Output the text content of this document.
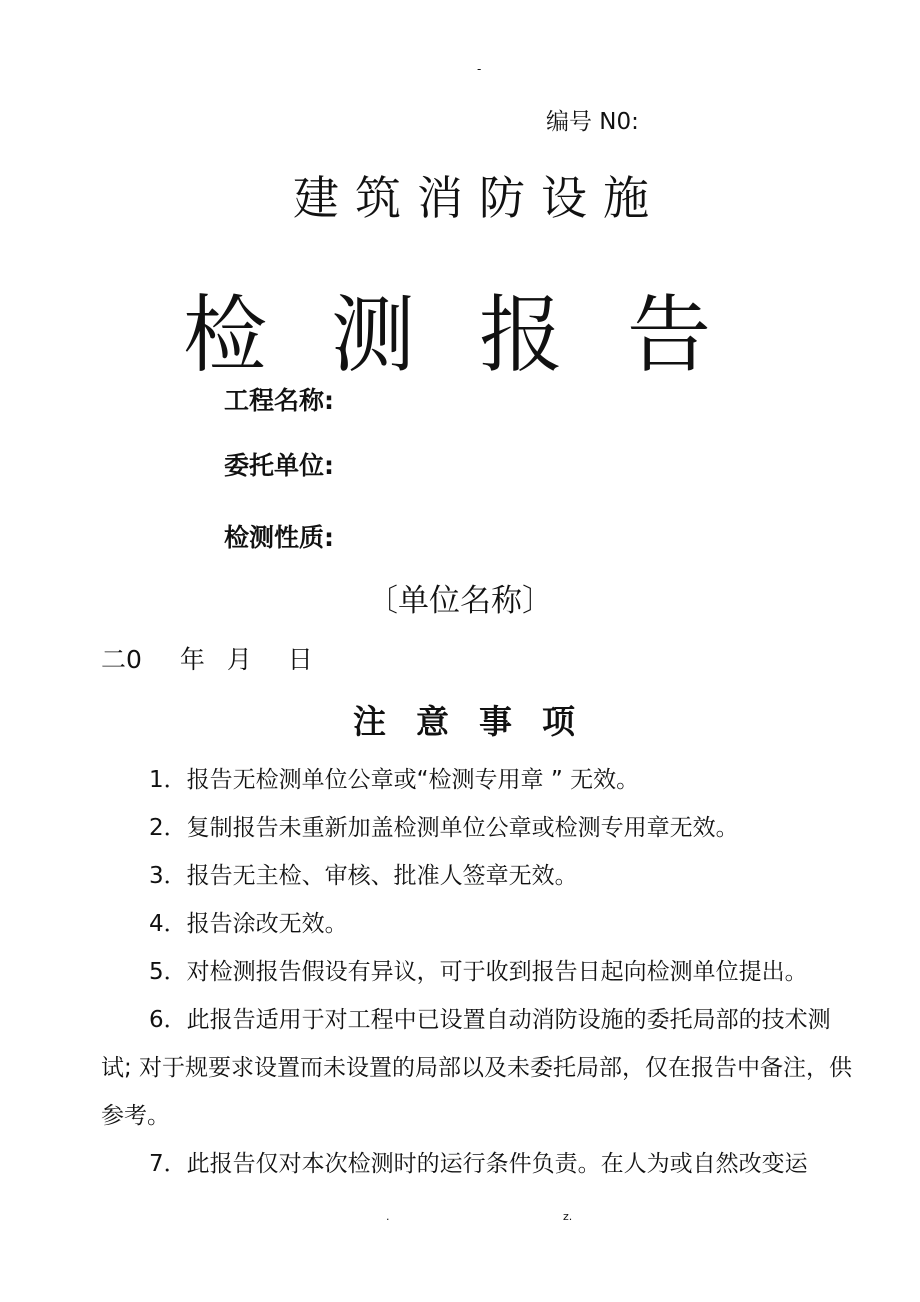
-
编号 N0:
建筑消防设施
检测报告
工程名称:
委托单位:
检测性质:
〔单位名称〕
二0 年 月 日
注意事项

1．报告无检测单位公章或“检测专用章 ” 无效。

2．复制报告未重新加盖检测单位公章或检测专用章无效。

3．报告无主检、审核、批准人签章无效。

4．报告涂改无效。

5．对检测报告假设有异议，可于收到报告日起向检测单位提出。

6．此报告适用于对工程中已设置自动消防设施的委托局部的技术测试; 对于规要求设置而未设置的局部以及未委托局部，仅在报告中备注，供参考。

7．此报告仅对本次检测时的运行条件负责。在人为或自然改变运

.	z.
